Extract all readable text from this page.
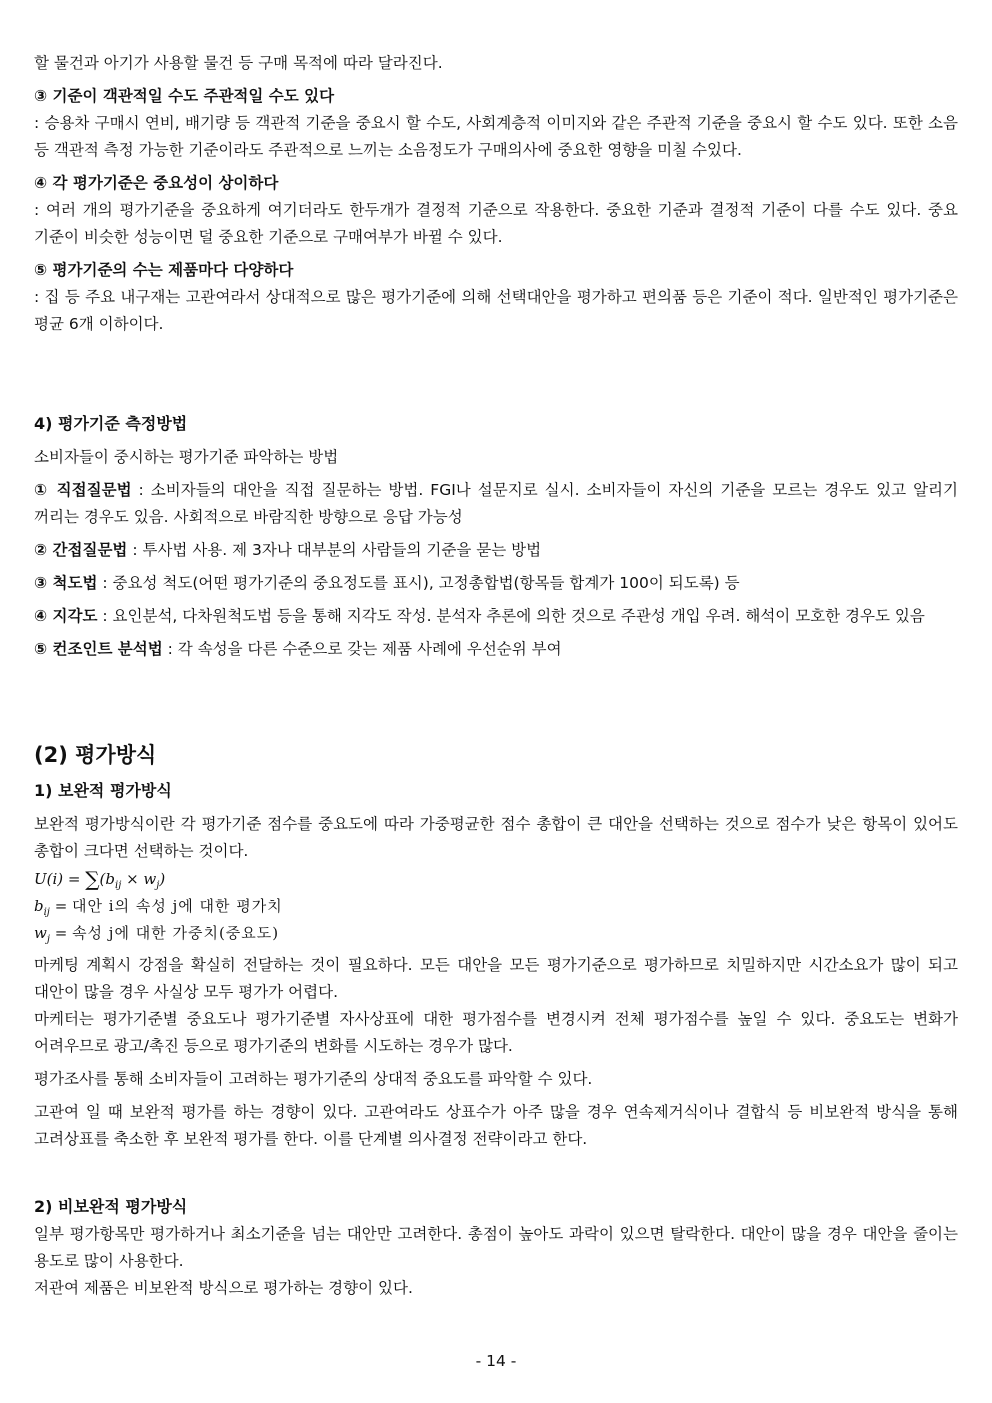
할 물건과 아기가 사용할 물건 등 구매 목적에 따라 달라진다.

③ 기준이 객관적일 수도 주관적일 수도 있다

: 승용차 구매시 연비, 배기량 등 객관적 기준을 중요시 할 수도, 사회계층적 이미지와 같은 주관적 기준을 중요시 할 수도 있다. 또한 소음 등 객관적 측정 가능한 기준이라도 주관적으로 느끼는 소음정도가 구매의사에 중요한 영향을 미칠 수있다.

④ 각 평가기준은 중요성이 상이하다

: 여러 개의 평가기준을 중요하게 여기더라도 한두개가 결정적 기준으로 작용한다. 중요한 기준과 결정적 기준이 다를 수도 있다. 중요 기준이 비슷한 성능이면 덜 중요한 기준으로 구매여부가 바뀔 수 있다.

⑤ 평가기준의 수는 제품마다 다양하다

: 집 등 주요 내구재는 고관여라서 상대적으로 많은 평가기준에 의해 선택대안을 평가하고 편의품 등은 기준이 적다. 일반적인 평가기준은 평균 6개 이하이다.

4) 평가기준 측정방법

소비자들이 중시하는 평가기준 파악하는 방법

① 직접질문법 : 소비자들의 대안을 직접 질문하는 방법. FGI나 설문지로 실시. 소비자들이 자신의 기준을 모르는 경우도 있고 알리기 꺼리는 경우도 있음. 사회적으로 바람직한 방향으로 응답 가능성

② 간접질문법 : 투사법 사용. 제 3자나 대부분의 사람들의 기준을 묻는 방법

③ 척도법 : 중요성 척도(어떤 평가기준의 중요정도를 표시), 고정총합법(항목들 합계가 100이 되도록) 등

④ 지각도 : 요인분석, 다차원척도법 등을 통해 지각도 작성. 분석자 추론에 의한 것으로 주관성 개입 우려. 해석이 모호한 경우도 있음

⑤ 컨조인트 분석법 : 각 속성을 다른 수준으로 갖는 제품 사례에 우선순위 부여

(2) 평가방식

1) 보완적 평가방식

보완적 평가방식이란 각 평가기준 점수를 중요도에 따라 가중평균한 점수 총합이 큰 대안을 선택하는 것으로 점수가 낮은 항목이 있어도 총합이 크다면 선택하는 것이다.

$U(i) = \sum(b_{ij} \times w_j)$
$b_{ij}$ = 대안 i의 속성 j에 대한 평가치
$w_j$ = 속성 j에 대한 가중치(중요도)

마케팅 계획시 강점을 확실히 전달하는 것이 필요하다. 모든 대안을 모든 평가기준으로 평가하므로 치밀하지만 시간소요가 많이 되고 대안이 많을 경우 사실상 모두 평가가 어렵다.

마케터는 평가기준별 중요도나 평가기준별 자사상표에 대한 평가점수를 변경시켜 전체 평가점수를 높일 수 있다. 중요도는 변화가 어려우므로 광고/촉진 등으로 평가기준의 변화를 시도하는 경우가 많다.

평가조사를 통해 소비자들이 고려하는 평가기준의 상대적 중요도를 파악할 수 있다.

고관여 일 때 보완적 평가를 하는 경향이 있다. 고관여라도 상표수가 아주 많을 경우 연속제거식이나 결합식 등 비보완적 방식을 통해 고려상표를 축소한 후 보완적 평가를 한다. 이를 단계별 의사결정 전략이라고 한다.

2) 비보완적 평가방식

일부 평가항목만 평가하거나 최소기준을 넘는 대안만 고려한다. 총점이 높아도 과락이 있으면 탈락한다. 대안이 많을 경우 대안을 줄이는 용도로 많이 사용한다.

저관여 제품은 비보완적 방식으로 평가하는 경향이 있다.

- 14 -
